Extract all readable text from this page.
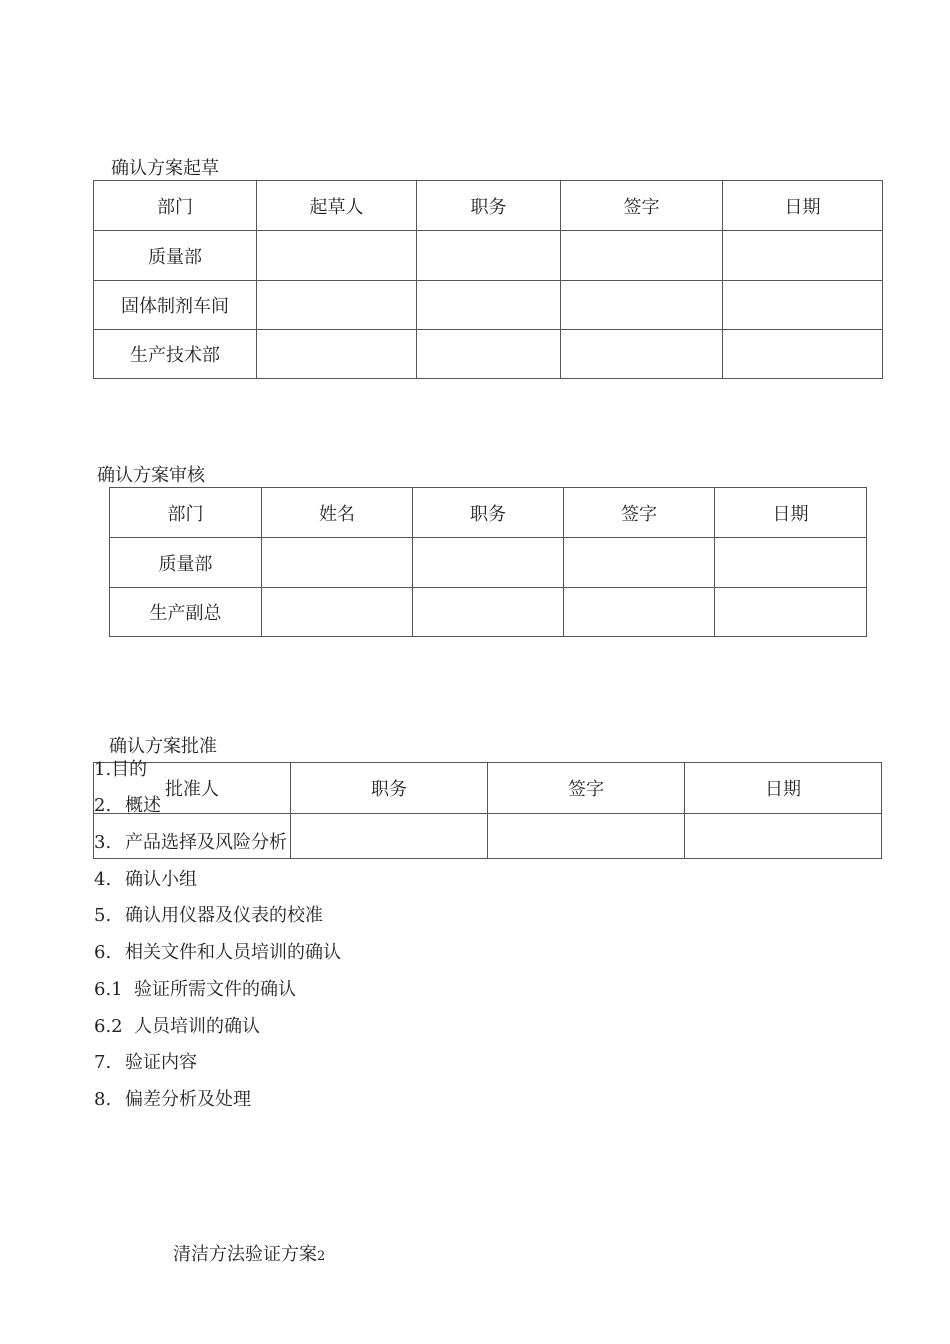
确认方案起草
部门	起草人	职务	签字	日期
质量部				
固体制剂车间				
生产技术部				
确认方案审核
部门	姓名	职务	签字	日期
质量部				
生产副总				
确认方案批准
批准人	职务	签字	日期

1.目的
2. 概述
3. 产品选择及风险分析
4. 确认小组
5. 确认用仪器及仪表的校准
6. 相关文件和人员培训的确认
6.1 验证所需文件的确认
6.2 人员培训的确认
7. 验证内容
8. 偏差分析及处理
清洁方法验证方案2
